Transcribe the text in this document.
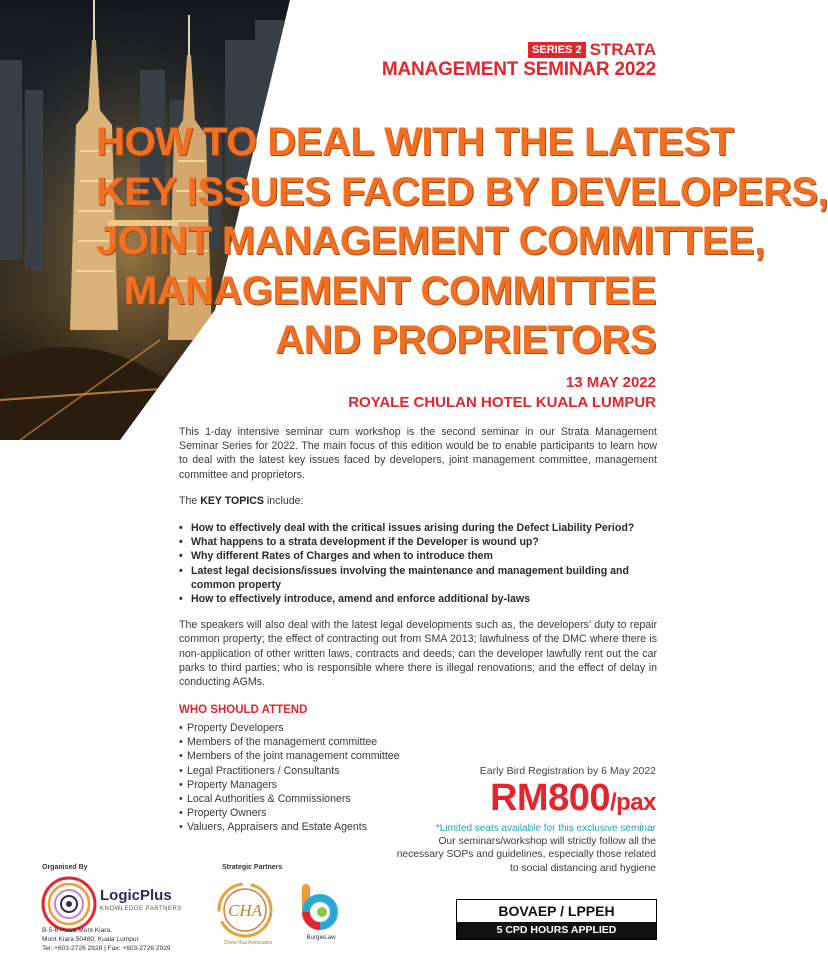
SERIES 2 STRATA
MANAGEMENT SEMINAR 2022
HOW TO DEAL WITH THE LATEST
KEY ISSUES FACED BY DEVELOPERS,
JOINT MANAGEMENT COMMITTEE,
MANAGEMENT COMMITTEE
AND PROPRIETORS
13 MAY 2022
ROYALE CHULAN HOTEL KUALA LUMPUR

This 1-day intensive seminar cum workshop is the second seminar in our Strata Management Seminar Series for 2022. The main focus of this edition would be to enable participants to learn how to deal with the latest key issues faced by developers, joint management committee, management committee and proprietors.

The KEY TOPICS include:

• How to effectively deal with the critical issues arising during the Defect Liability Period?
• What happens to a strata development if the Developer is wound up?
• Why different Rates of Charges and when to introduce them
• Latest legal decisions/issues involving the maintenance and management building and common property
• How to effectively introduce, amend and enforce additional by-laws

The speakers will also deal with the latest legal developments such as, the developers’ duty to repair common property; the effect of contracting out from SMA 2013; lawfulness of the DMC where there is non-application of other written laws, contracts and deeds; can the developer lawfully rent out the car parks to third parties; who is responsible where there is illegal renovations; and the effect of delay in conducting AGMs.

WHO SHOULD ATTEND
• Property Developers
• Members of the management committee
• Members of the joint management committee
• Legal Practitioners / Consultants
• Property Managers
• Local Authorities & Commissioners
• Property Owners
• Valuers, Appraisers and Estate Agents
Early Bird Registration by 6 May 2022
RM800/pax
*Limited seats available for this exclusive seminar
Our seminars/workshop will strictly follow all the necessary SOPs and guidelines, especially those related to social distancing and hygiene
Organised By
LogicPlus
KNOWLEDGE PARTNERS
B-5-8 Plaza Mont Kiara,
Mont Kiara 50480, Kuala Lumpur
Tel: +603-2726 2928 | Fax: +603-2726 2929
Strategic Partners
CHA
Chew Hua Associates
BurgieLaw
BOVAEP / LPPEH
5 CPD HOURS APPLIED
